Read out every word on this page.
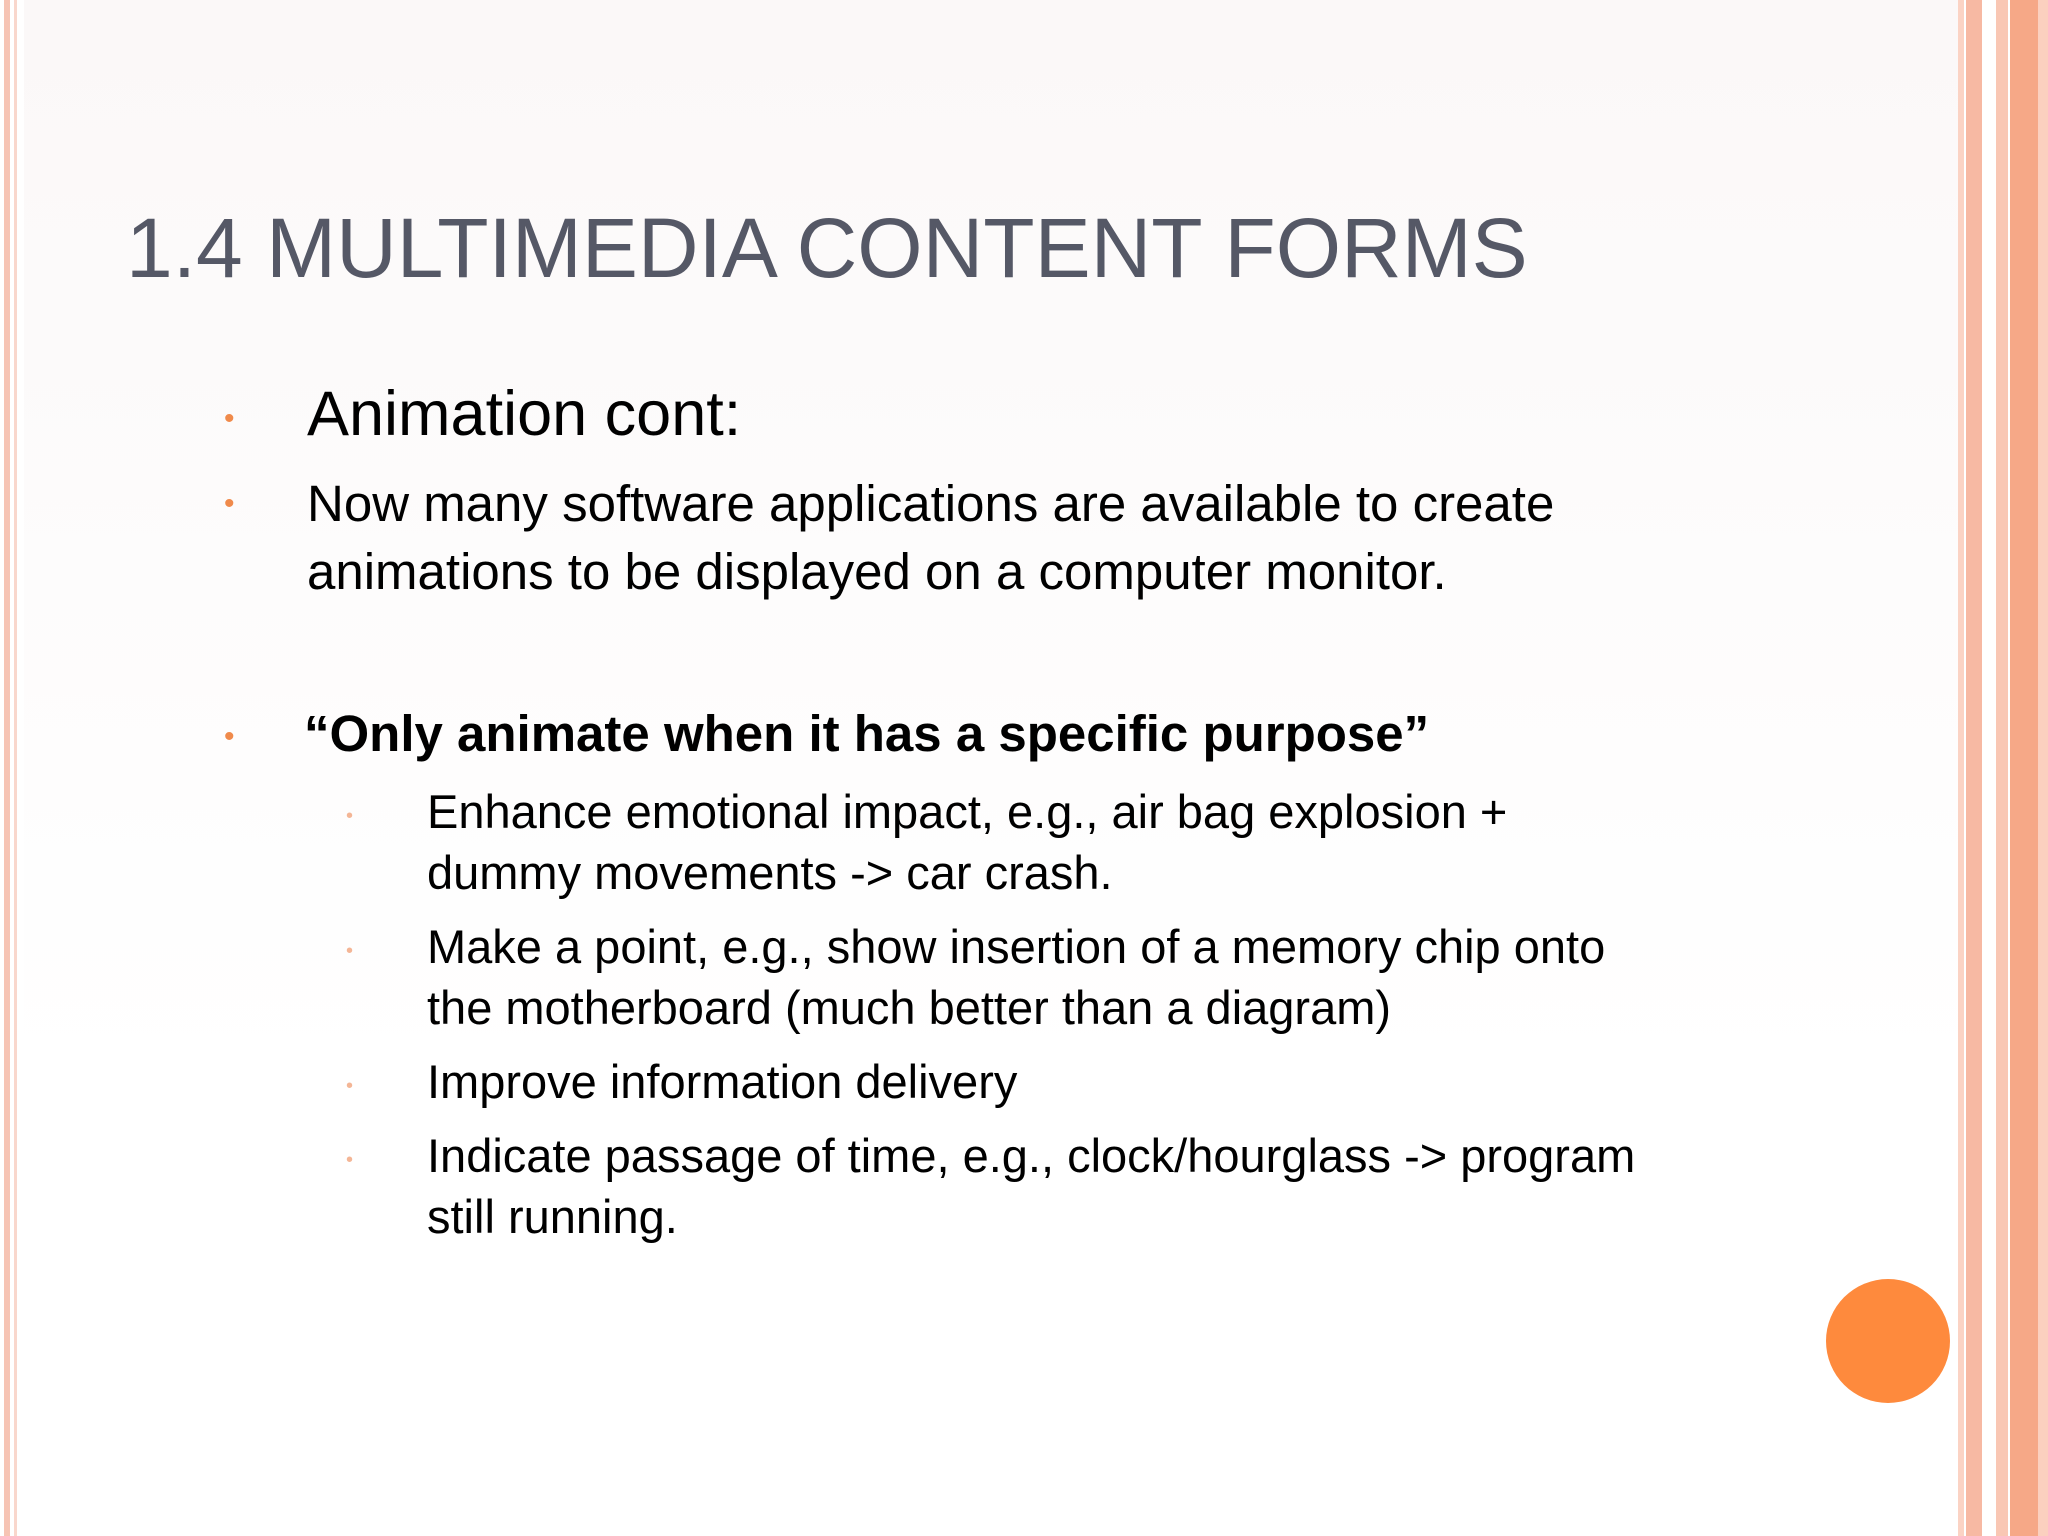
1.4 MULTIMEDIA CONTENT FORMS
• Animation cont:
• Now many software applications are available to create
animations to be displayed on a computer monitor.
• “Only animate when it has a specific purpose”
• Enhance emotional impact, e.g., air bag explosion +
dummy movements -> car crash.
• Make a point, e.g., show insertion of a memory chip onto
the motherboard (much better than a diagram)
• Improve information delivery
• Indicate passage of time, e.g., clock/hourglass -> program
still running.
